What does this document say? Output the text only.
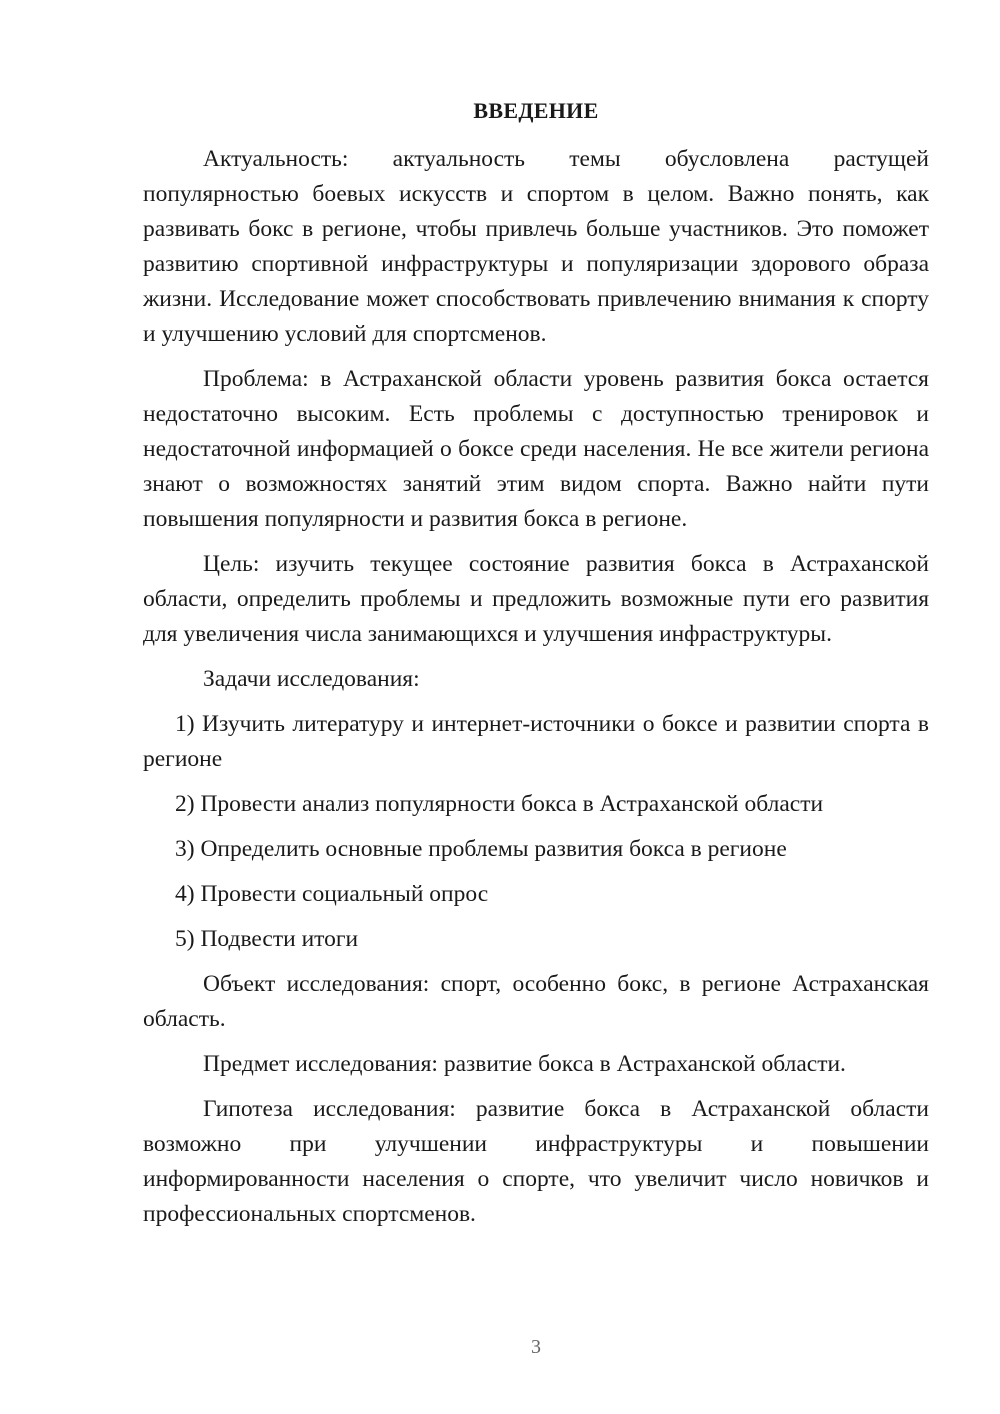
ВВЕДЕНИЕ

Актуальность: актуальность темы обусловлена растущей популярностью боевых искусств и спортом в целом. Важно понять, как развивать бокс в регионе, чтобы привлечь больше участников. Это поможет развитию спортивной инфраструктуры и популяризации здорового образа жизни. Исследование может способствовать привлечению внимания к спорту и улучшению условий для спортсменов.

Проблема: в Астраханской области уровень развития бокса остается недостаточно высоким. Есть проблемы с доступностью тренировок и недостаточной информацией о боксе среди населения. Не все жители региона знают о возможностях занятий этим видом спорта. Важно найти пути повышения популярности и развития бокса в регионе.

Цель: изучить текущее состояние развития бокса в Астраханской области, определить проблемы и предложить возможные пути его развития для увеличения числа занимающихся и улучшения инфраструктуры.

Задачи исследования:

1) Изучить литературу и интернет-источники о боксе и развитии спорта в регионе

2) Провести анализ популярности бокса в Астраханской области

3) Определить основные проблемы развития бокса в регионе

4) Провести социальный опрос

5) Подвести итоги

Объект исследования: спорт, особенно бокс, в регионе Астраханская область.

Предмет исследования: развитие бокса в Астраханской области.

Гипотеза исследования: развитие бокса в Астраханской области возможно при улучшении инфраструктуры и повышении информированности населения о спорте, что увеличит число новичков и профессиональных спортсменов.

3
